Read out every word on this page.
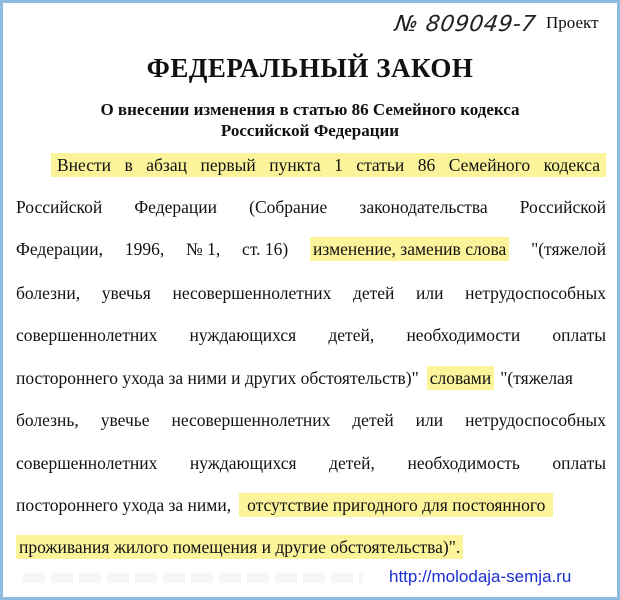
№ 809049-7 Проект
ФЕДЕРАЛЬНЫЙ ЗАКОН
О внесении изменения в статью 86 Семейного кодекса
Российской Федерации
Внести в абзац первый пункта 1 статьи 86 Семейного кодекса
Российской Федерации (Собрание законодательства Российской
Федерации, 1996, № 1, ст. 16) изменение, заменив слова "(тяжелой
болезни, увечья несовершеннолетних детей или нетрудоспособных
совершеннолетних нуждающихся детей, необходимости оплаты
постороннего ухода за ними и других обстоятельств)" словами "(тяжелая
болезнь, увечье несовершеннолетних детей или нетрудоспособных
совершеннолетних нуждающихся детей, необходимость оплаты
постороннего ухода за ними, отсутствие пригодного для постоянного
проживания жилого помещения и другие обстоятельства)".
http://molodaja-semja.ru
